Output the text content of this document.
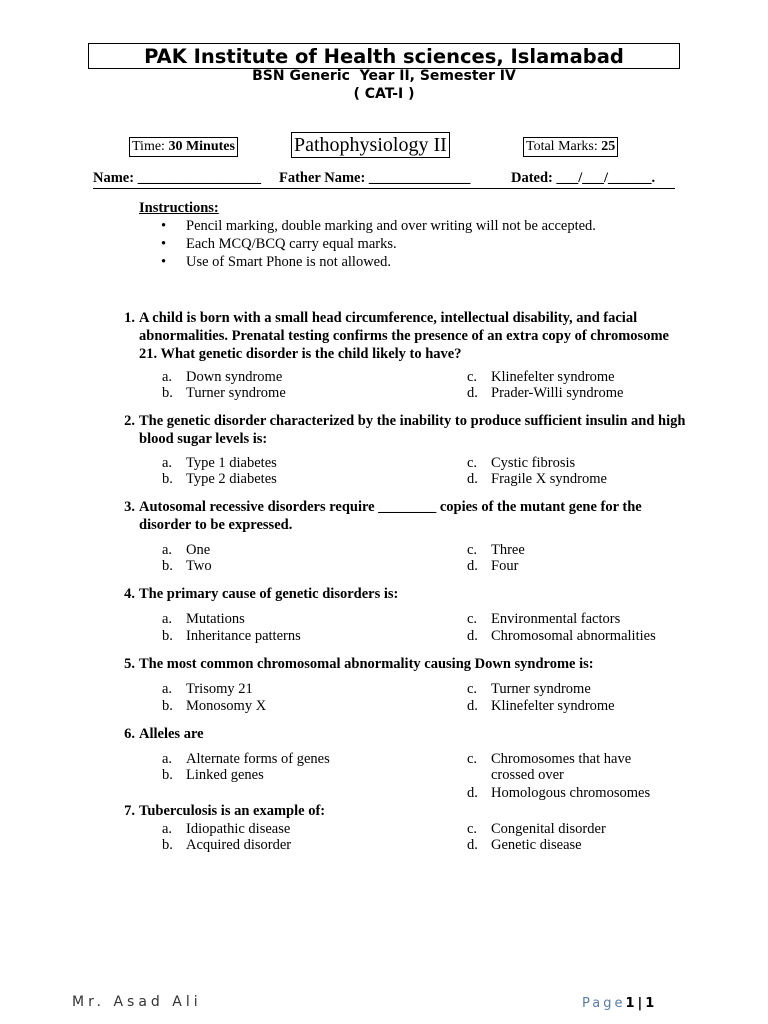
PAK Institute of Health sciences, Islamabad
BSN Generic  Year II, Semester IV
( CAT-I )
Time: 30 Minutes	Pathophysiology II	Total Marks: 25
Name: _________________ Father Name: ______________	Dated: ___/___/______.
Instructions:
• Pencil marking, double marking and over writing will not be accepted.
• Each MCQ/BCQ carry equal marks.
• Use of Smart Phone is not allowed.
1. A child is born with a small head circumference, intellectual disability, and facial abnormalities. Prenatal testing confirms the presence of an extra copy of chromosome 21. What genetic disorder is the child likely to have?
a. Down syndrome
b. Turner syndrome
c. Klinefelter syndrome
d. Prader-Willi syndrome
2. The genetic disorder characterized by the inability to produce sufficient insulin and high blood sugar levels is:
a. Type 1 diabetes
b. Type 2 diabetes
c. Cystic fibrosis
d. Fragile X syndrome
3. Autosomal recessive disorders require ________ copies of the mutant gene for the disorder to be expressed.
a. One
b. Two
c. Three
d. Four
4. The primary cause of genetic disorders is:
a. Mutations
b. Inheritance patterns
c. Environmental factors
d. Chromosomal abnormalities
5. The most common chromosomal abnormality causing Down syndrome is:
a. Trisomy 21
b. Monosomy X
c. Turner syndrome
d. Klinefelter syndrome
6. Alleles are
a. Alternate forms of genes
b. Linked genes
c. Chromosomes that have
crossed over
d. Homologous chromosomes
7. Tuberculosis is an example of:
a. Idiopathic disease
b. Acquired disorder
c. Congenital disorder
d. Genetic disease
Mr. Asad Ali	Page1|1
